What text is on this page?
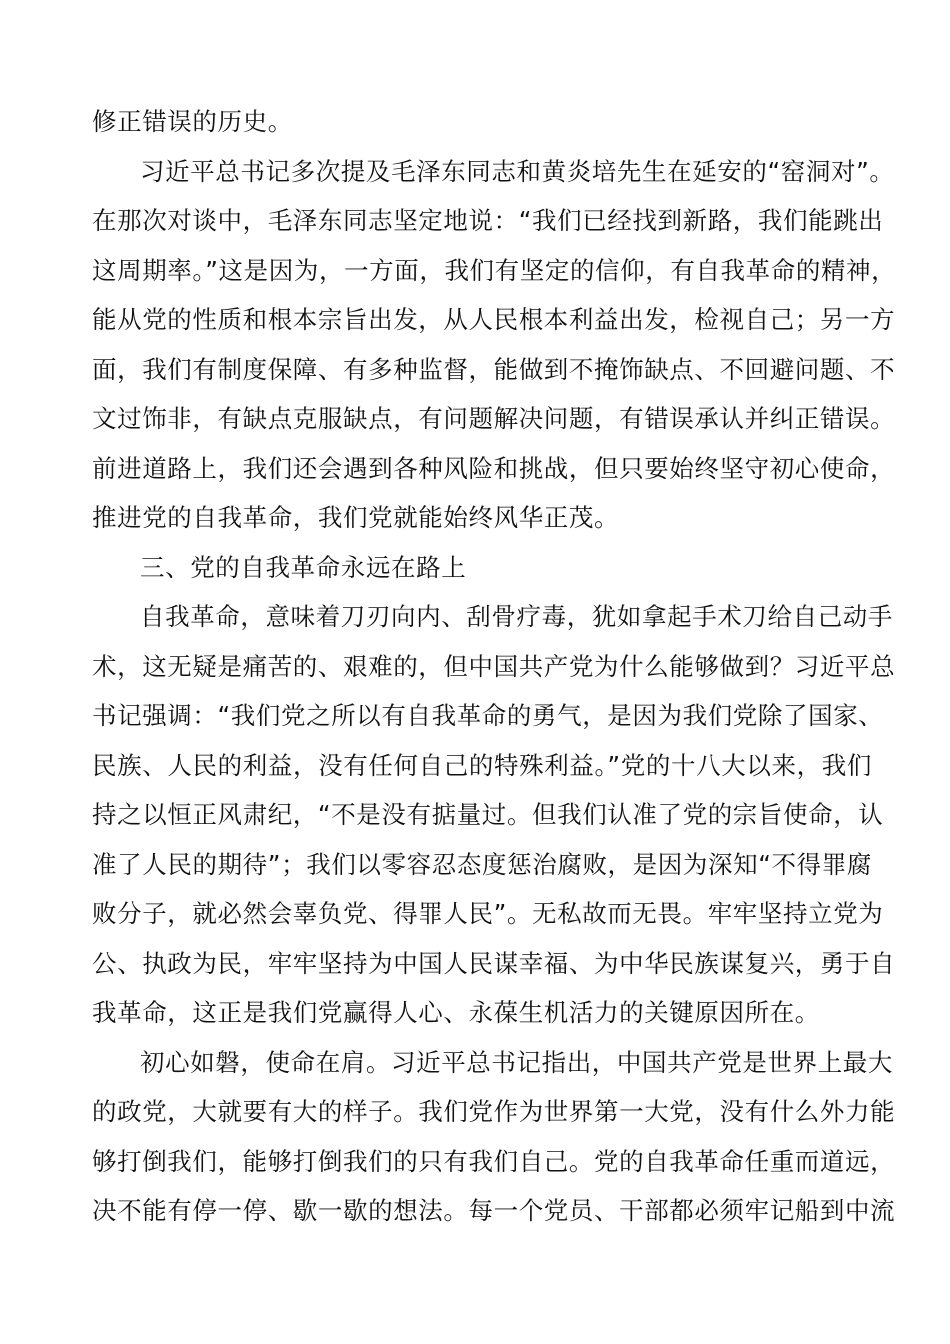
修正错误的历史。
习近平总书记多次提及毛泽东同志和黄炎培先生在延安的“窑洞对”。
在那次对谈中，毛泽东同志坚定地说：“我们已经找到新路，我们能跳出
这周期率。”这是因为，一方面，我们有坚定的信仰，有自我革命的精神，
能从党的性质和根本宗旨出发，从人民根本利益出发，检视自己；另一方
面，我们有制度保障、有多种监督，能做到不掩饰缺点、不回避问题、不
文过饰非，有缺点克服缺点，有问题解决问题，有错误承认并纠正错误。
前进道路上，我们还会遇到各种风险和挑战，但只要始终坚守初心使命，
推进党的自我革命，我们党就能始终风华正茂。
三、党的自我革命永远在路上
自我革命，意味着刀刃向内、刮骨疗毒，犹如拿起手术刀给自己动手
术，这无疑是痛苦的、艰难的，但中国共产党为什么能够做到？习近平总
书记强调：“我们党之所以有自我革命的勇气，是因为我们党除了国家、
民族、人民的利益，没有任何自己的特殊利益。”党的十八大以来，我们
持之以恒正风肃纪，“不是没有掂量过。但我们认准了党的宗旨使命，认
准了人民的期待”；我们以零容忍态度惩治腐败，是因为深知“不得罪腐
败分子，就必然会辜负党、得罪人民”。无私故而无畏。牢牢坚持立党为
公、执政为民，牢牢坚持为中国人民谋幸福、为中华民族谋复兴，勇于自
我革命，这正是我们党赢得人心、永葆生机活力的关键原因所在。
初心如磐，使命在肩。习近平总书记指出，中国共产党是世界上最大
的政党，大就要有大的样子。我们党作为世界第一大党，没有什么外力能
够打倒我们，能够打倒我们的只有我们自己。党的自我革命任重而道远，
决不能有停一停、歇一歇的想法。每一个党员、干部都必须牢记船到中流
